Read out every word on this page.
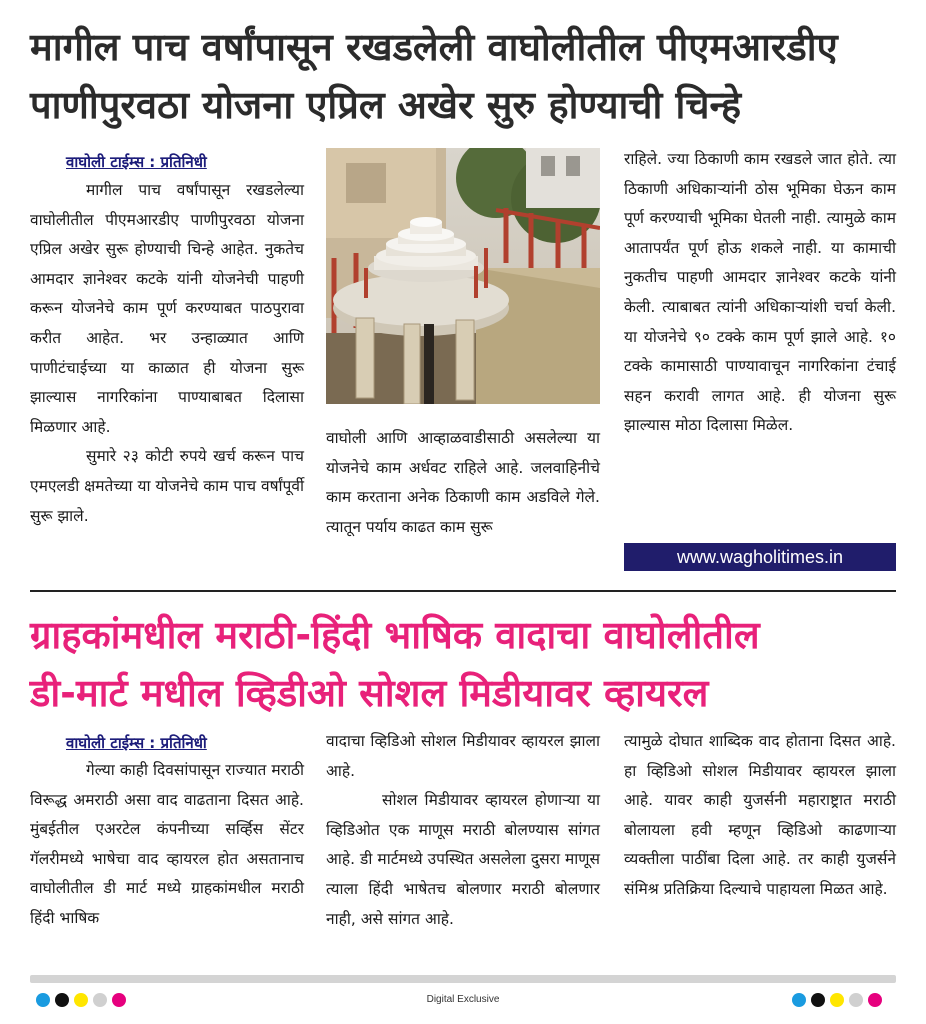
मागील पाच वर्षांपासून रखडलेली वाघोलीतील पीएमआरडीए
पाणीपुरवठा योजना एप्रिल अखेर सुरु होण्याची चिन्हे
वाघोली टाईम्स : प्रतिनिधी

मागील पाच वर्षांपासून रखडलेल्या वाघोलीतील पीएमआरडीए पाणीपुरवठा योजना एप्रिल अखेर सुरू होण्याची चिन्हे आहेत. नुकतेच आमदार ज्ञानेश्वर कटके यांनी योजनेची पाहणी करून योजनेचे काम पूर्ण करण्याबत पाठपुरावा करीत आहेत. भर उन्हाळ्यात आणि पाणीटंचाईच्या या काळात ही योजना सुरू झाल्यास नागरिकांना पाण्याबाबत दिलासा मिळणार आहे.

सुमारे २३ कोटी रुपये खर्च करून पाच एमएलडी क्षमतेच्या या योजनेचे काम पाच वर्षांपूर्वी सुरू झाले.

वाघोली आणि आव्हाळवाडीसाठी असलेल्या या योजनेचे काम अर्धवट राहिले आहे. जलवाहिनीचे काम करताना अनेक ठिकाणी काम अडविले गेले. त्यातून पर्याय काढत काम सुरू

राहिले. ज्या ठिकाणी काम रखडले जात होते. त्या ठिकाणी अधिकाऱ्यांनी ठोस भूमिका घेऊन काम पूर्ण करण्याची भूमिका घेतली नाही. त्यामुळे काम आतापर्यंत पूर्ण होऊ शकले नाही. या कामाची नुकतीच पाहणी आमदार ज्ञानेश्वर कटके यांनी केली. त्याबाबत त्यांनी अधिकाऱ्यांशी चर्चा केली. या योजनेचे ९० टक्के काम पूर्ण झाले आहे. १० टक्के कामासाठी पाण्यावाचून नागरिकांना टंचाई सहन करावी लागत आहे. ही योजना सुरू झाल्यास मोठा दिलासा मिळेल.

www.wagholitimes.in
ग्राहकांमधील मराठी-हिंदी भाषिक वादाचा वाघोलीतील
डी-मार्ट मधील व्हिडीओ सोशल मिडीयावर व्हायरल
वाघोली टाईम्स : प्रतिनिधी

गेल्या काही दिवसांपासून राज्यात मराठी विरूद्ध अमराठी असा वाद वाढताना दिसत आहे. मुंबईतील एअरटेल कंपनीच्या सर्व्हिस सेंटर गॅलरीमध्ये भाषेचा वाद व्हायरल होत असतानाच वाघोलीतील डी मार्ट मध्ये ग्राहकांमधील मराठी हिंदी भाषिक

वादाचा व्हिडिओ सोशल मिडीयावर व्हायरल झाला आहे.

सोशल मिडीयावर व्हायरल होणाऱ्या या व्हिडिओत एक माणूस मराठी बोलण्यास सांगत आहे. डी मार्टमध्ये उपस्थित असलेला दुसरा माणूस त्याला हिंदी भाषेतच बोलणार मराठी बोलणार नाही, असे सांगत आहे.

त्यामुळे दोघात शाब्दिक वाद होताना दिसत आहे. हा व्हिडिओ सोशल मिडीयावर व्हायरल झाला आहे. यावर काही युजर्सनी महाराष्ट्रात मराठी बोलायला हवी म्हणून व्हिडिओ काढणाऱ्या व्यक्तीला पाठींबा दिला आहे. तर काही युजर्सने संमिश्र प्रतिक्रिया दिल्याचे पाहायला मिळत आहे.

Digital Exclusive
